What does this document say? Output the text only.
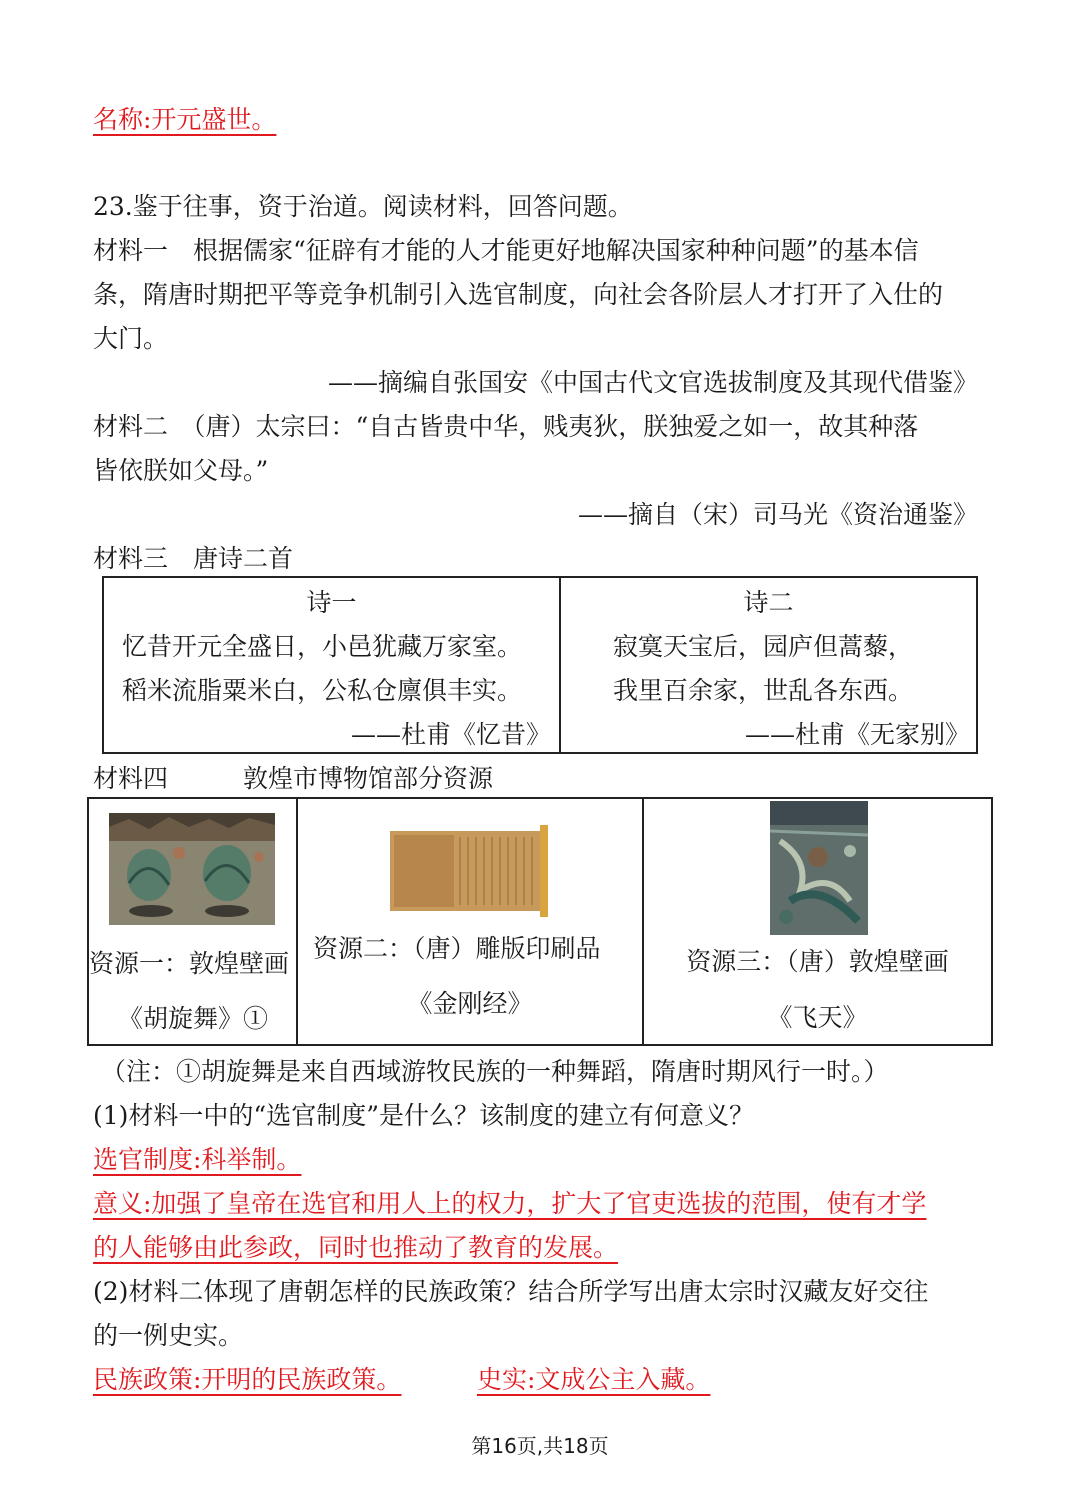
名称:开元盛世。
23.鉴于往事，资于治道。阅读材料，回答问题。
材料一　根据儒家“征辟有才能的人才能更好地解决国家种种问题”的基本信
条，隋唐时期把平等竞争机制引入选官制度，向社会各阶层人才打开了入仕的
大门。
——摘编自张国安《中国古代文官选拔制度及其现代借鉴》
材料二　（唐）太宗曰：“自古皆贵中华，贱夷狄，朕独爱之如一，故其种落
皆依朕如父母。”
——摘自（宋）司马光《资治通鉴》
材料三　唐诗二首
诗一
忆昔开元全盛日，小邑犹藏万家室。
稻米流脂粟米白，公私仓廪俱丰实。
——杜甫《忆昔》

诗二
寂寞天宝后，园庐但蒿藜，
我里百余家，世乱各东西。
——杜甫《无家别》
材料四　　　敦煌市博物馆部分资源
资源一：敦煌壁画
《胡旋舞》①

资源二：（唐）雕版印刷品
《金刚经》

资源三：（唐）敦煌壁画
《飞天》
（注：①胡旋舞是来自西域游牧民族的一种舞蹈，隋唐时期风行一时。）
(1)材料一中的“选官制度”是什么？该制度的建立有何意义？
选官制度:科举制。
意义:加强了皇帝在选官和用人上的权力，扩大了官吏选拔的范围，使有才学
的人能够由此参政，同时也推动了教育的发展。
(2)材料二体现了唐朝怎样的民族政策？结合所学写出唐太宗时汉藏友好交往
的一例史实。
民族政策:开明的民族政策。	史实:文成公主入藏。
第16页,共18页
